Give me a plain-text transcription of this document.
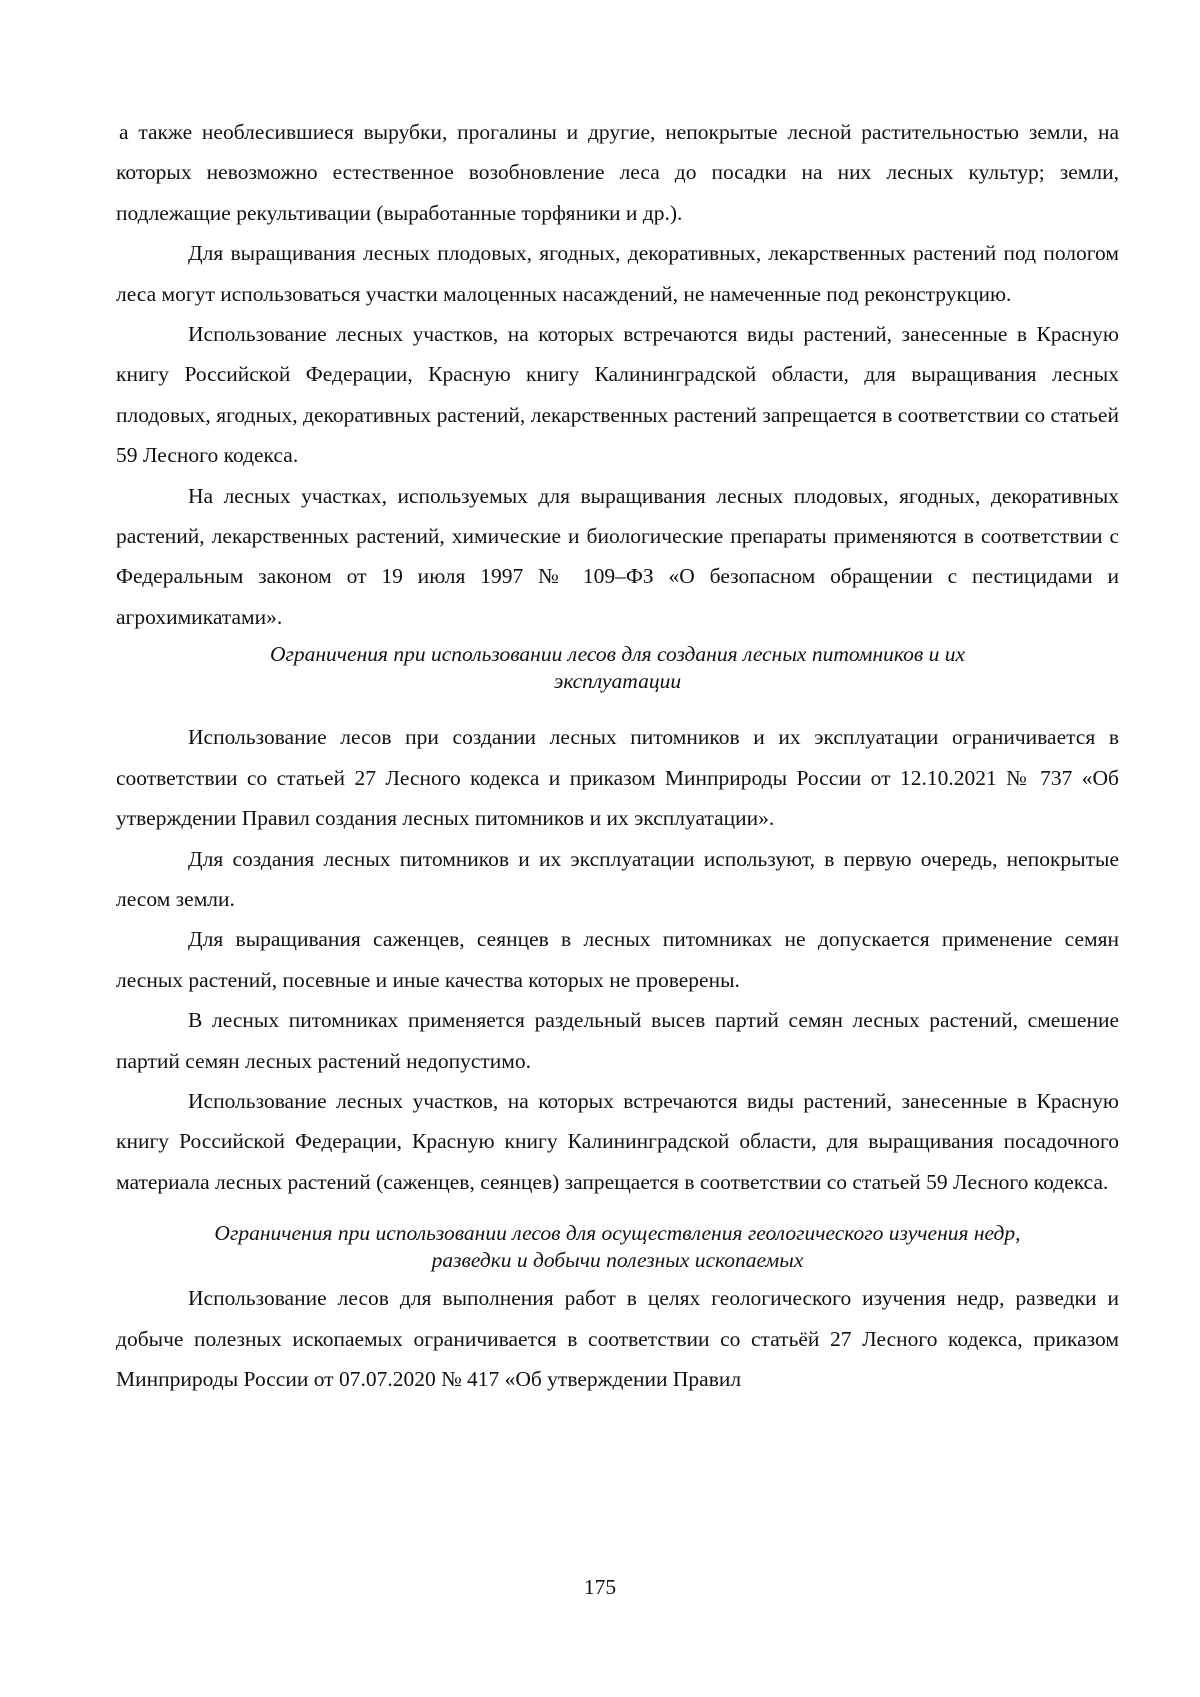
а также необлесившиеся вырубки, прогалины и другие, непокрытые лесной растительностью земли, на которых невозможно естественное возобновление леса до посадки на них лесных культур; земли, подлежащие рекультивации (выработанные торфяники и др.).

Для выращивания лесных плодовых, ягодных, декоративных, лекарственных растений под пологом леса могут использоваться участки малоценных насаждений, не намеченные под реконструкцию.

Использование лесных участков, на которых встречаются виды растений, занесенные в Красную книгу Российской Федерации, Красную книгу Калининградской области, для выращивания лесных плодовых, ягодных, декоративных растений, лекарственных растений запрещается в соответствии со статьей 59 Лесного кодекса.

На лесных участках, используемых для выращивания лесных плодовых, ягодных, декоративных растений, лекарственных растений, химические и биологические препараты применяются в соответствии с Федеральным законом от 19 июля 1997 № 109–ФЗ «О безопасном обращении с пестицидами и агрохимикатами».

Ограничения при использовании лесов для создания лесных питомников и их
эксплуатации

Использование лесов при создании лесных питомников и их эксплуатации ограничивается в соответствии со статьей 27 Лесного кодекса и приказом Минприроды России от 12.10.2021 № 737 «Об утверждении Правил создания лесных питомников и их эксплуатации».

Для создания лесных питомников и их эксплуатации используют, в первую очередь, непокрытые лесом земли.

Для выращивания саженцев, сеянцев в лесных питомниках не допускается применение семян лесных растений, посевные и иные качества которых не проверены.

В лесных питомниках применяется раздельный высев партий семян лесных растений, смешение партий семян лесных растений недопустимо.

Использование лесных участков, на которых встречаются виды растений, занесенные в Красную книгу Российской Федерации, Красную книгу Калининградской области, для выращивания посадочного материала лесных растений (саженцев, сеянцев) запрещается в соответствии со статьей 59 Лесного кодекса.

Ограничения при использовании лесов для осуществления геологического изучения недр,
разведки и добычи полезных ископаемых

Использование лесов для выполнения работ в целях геологического изучения недр, разведки и добыче полезных ископаемых ограничивается в соответствии со статьёй 27 Лесного кодекса, приказом Минприроды России от 07.07.2020 № 417 «Об утверждении Правил

175
